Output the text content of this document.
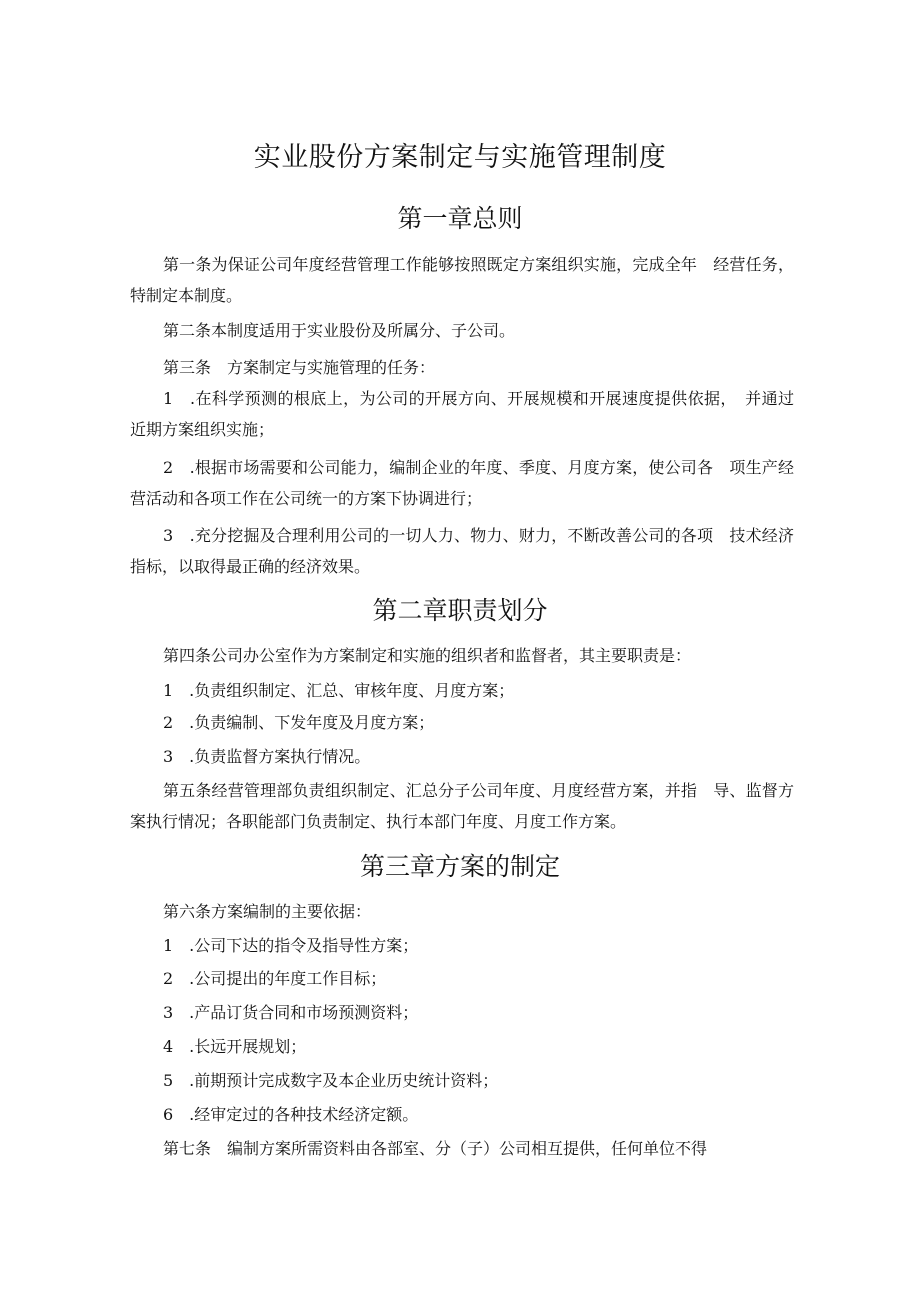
实业股份方案制定与实施管理制度
第一章总则

第一条为保证公司年度经营管理工作能够按照既定方案组织实施，完成全年　经营任务，特制定本制度。

第二条本制度适用于实业股份及所属分、子公司。

第三条　方案制定与实施管理的任务：

1　.在科学预测的根底上，为公司的开展方向、开展规模和开展速度提供依据，　并通过近期方案组织实施；

2　.根据市场需要和公司能力，编制企业的年度、季度、月度方案，使公司各　项生产经营活动和各项工作在公司统一的方案下协调进行；

3　.充分挖掘及合理利用公司的一切人力、物力、财力，不断改善公司的各项　技术经济指标，以取得最正确的经济效果。

第二章职责划分

第四条公司办公室作为方案制定和实施的组织者和监督者，其主要职责是：

1　.负责组织制定、汇总、审核年度、月度方案；

2　.负责编制、下发年度及月度方案；

3　.负责监督方案执行情况。

第五条经营管理部负责组织制定、汇总分子公司年度、月度经营方案，并指　导、监督方案执行情况；各职能部门负责制定、执行本部门年度、月度工作方案。

第三章方案的制定

第六条方案编制的主要依据：

1　.公司下达的指令及指导性方案；

2　.公司提出的年度工作目标；

3　.产品订货合同和市场预测资料；

4　.长远开展规划；

5　.前期预计完成数字及本企业历史统计资料；

6　.经审定过的各种技术经济定额。

第七条　编制方案所需资料由各部室、分（子）公司相互提供，任何单位不得
